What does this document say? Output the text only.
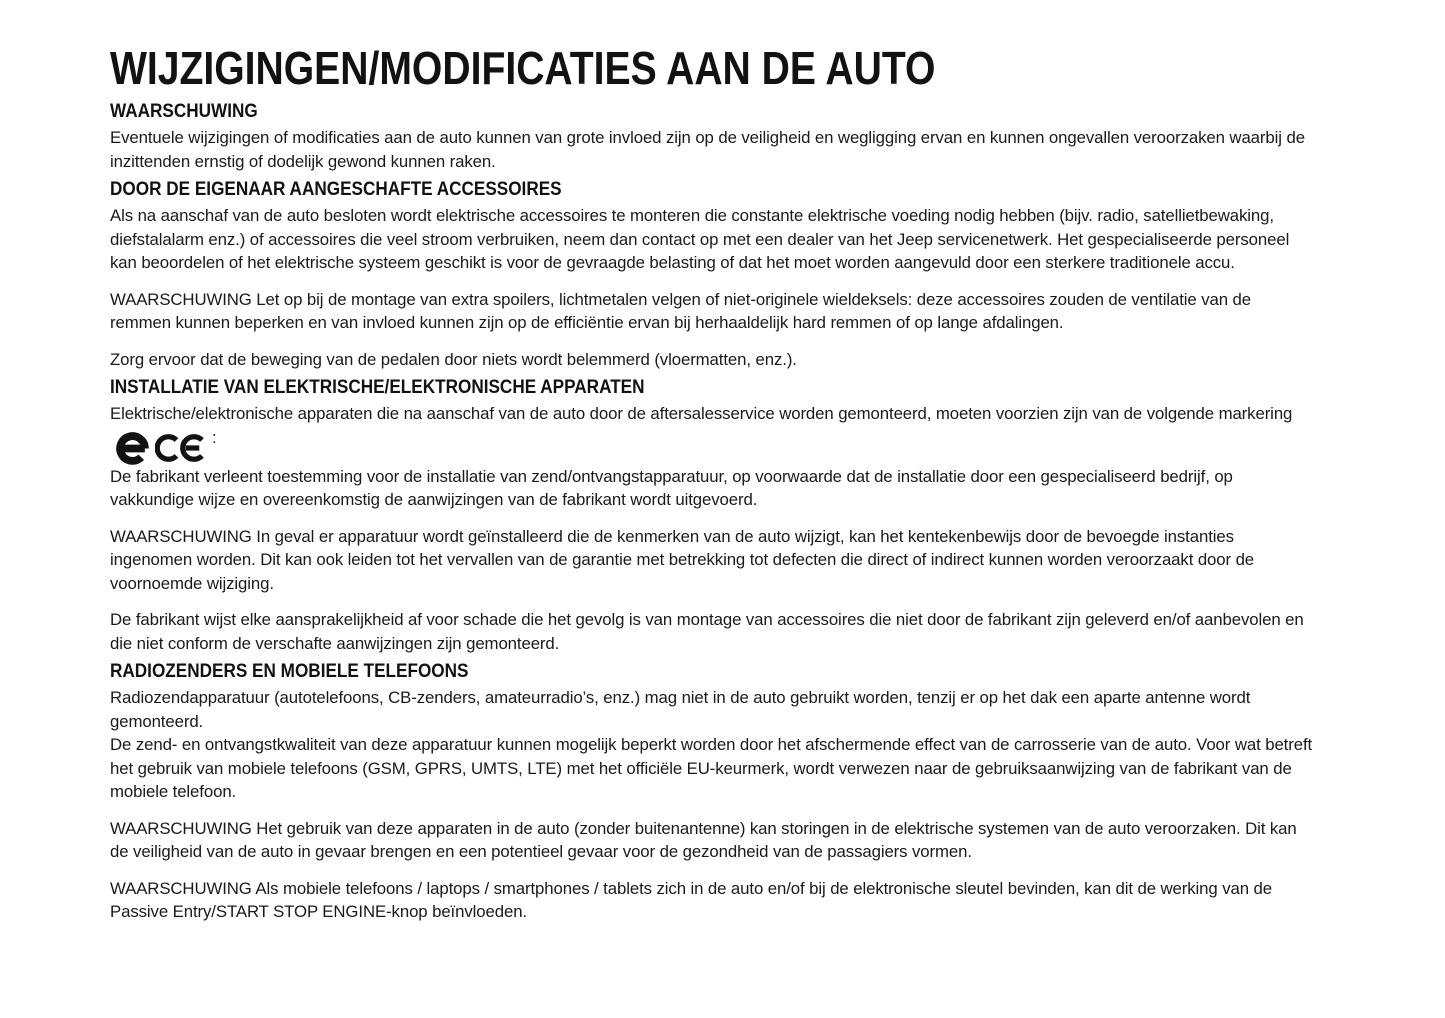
WIJZIGINGEN/MODIFICATIES AAN DE AUTO
WAARSCHUWING

Eventuele wijzigingen of modificaties aan de auto kunnen van grote invloed zijn op de veiligheid en wegligging ervan en kunnen ongevallen veroorzaken waarbij de inzittenden ernstig of dodelijk gewond kunnen raken.

DOOR DE EIGENAAR AANGESCHAFTE ACCESSOIRES

Als na aanschaf van de auto besloten wordt elektrische accessoires te monteren die constante elektrische voeding nodig hebben (bijv. radio, satellietbewaking, diefstalalarm enz.) of accessoires die veel stroom verbruiken, neem dan contact op met een dealer van het Jeep servicenetwerk. Het gespecialiseerde personeel kan beoordelen of het elektrische systeem geschikt is voor de gevraagde belasting of dat het moet worden aangevuld door een sterkere traditionele accu.

WAARSCHUWING Let op bij de montage van extra spoilers, lichtmetalen velgen of niet-originele wieldeksels: deze accessoires zouden de ventilatie van de remmen kunnen beperken en van invloed kunnen zijn op de efficiëntie ervan bij herhaaldelijk hard remmen of op lange afdalingen.

Zorg ervoor dat de beweging van de pedalen door niets wordt belemmerd (vloermatten, enz.).

INSTALLATIE VAN ELEKTRISCHE/ELEKTRONISCHE APPARATEN

Elektrische/elektronische apparaten die na aanschaf van de auto door de aftersalesservice worden gemonteerd, moeten voorzien zijn van de volgende markering:

De fabrikant verleent toestemming voor de installatie van zend/ontvangstapparatuur, op voorwaarde dat de installatie door een gespecialiseerd bedrijf, op vakkundige wijze en overeenkomstig de aanwijzingen van de fabrikant wordt uitgevoerd.

WAARSCHUWING In geval er apparatuur wordt geïnstalleerd die de kenmerken van de auto wijzigt, kan het kentekenbewijs door de bevoegde instanties ingenomen worden. Dit kan ook leiden tot het vervallen van de garantie met betrekking tot defecten die direct of indirect kunnen worden veroorzaakt door de voornoemde wijziging.

De fabrikant wijst elke aansprakelijkheid af voor schade die het gevolg is van montage van accessoires die niet door de fabrikant zijn geleverd en/of aanbevolen en die niet conform de verschafte aanwijzingen zijn gemonteerd.

RADIOZENDERS EN MOBIELE TELEFOONS

Radiozendapparatuur (autotelefoons, CB-zenders, amateurradio’s, enz.) mag niet in de auto gebruikt worden, tenzij er op het dak een aparte antenne wordt gemonteerd.

De zend- en ontvangstkwaliteit van deze apparatuur kunnen mogelijk beperkt worden door het afschermende effect van de carrosserie van de auto. Voor wat betreft het gebruik van mobiele telefoons (GSM, GPRS, UMTS, LTE) met het officiële EU-keurmerk, wordt verwezen naar de gebruiksaanwijzing van de fabrikant van de mobiele telefoon.

WAARSCHUWING Het gebruik van deze apparaten in de auto (zonder buitenantenne) kan storingen in de elektrische systemen van de auto veroorzaken. Dit kan de veiligheid van de auto in gevaar brengen en een potentieel gevaar voor de gezondheid van de passagiers vormen.

WAARSCHUWING Als mobiele telefoons / laptops / smartphones / tablets zich in de auto en/of bij de elektronische sleutel bevinden, kan dit de werking van de Passive Entry/START STOP ENGINE-knop beïnvloeden.
